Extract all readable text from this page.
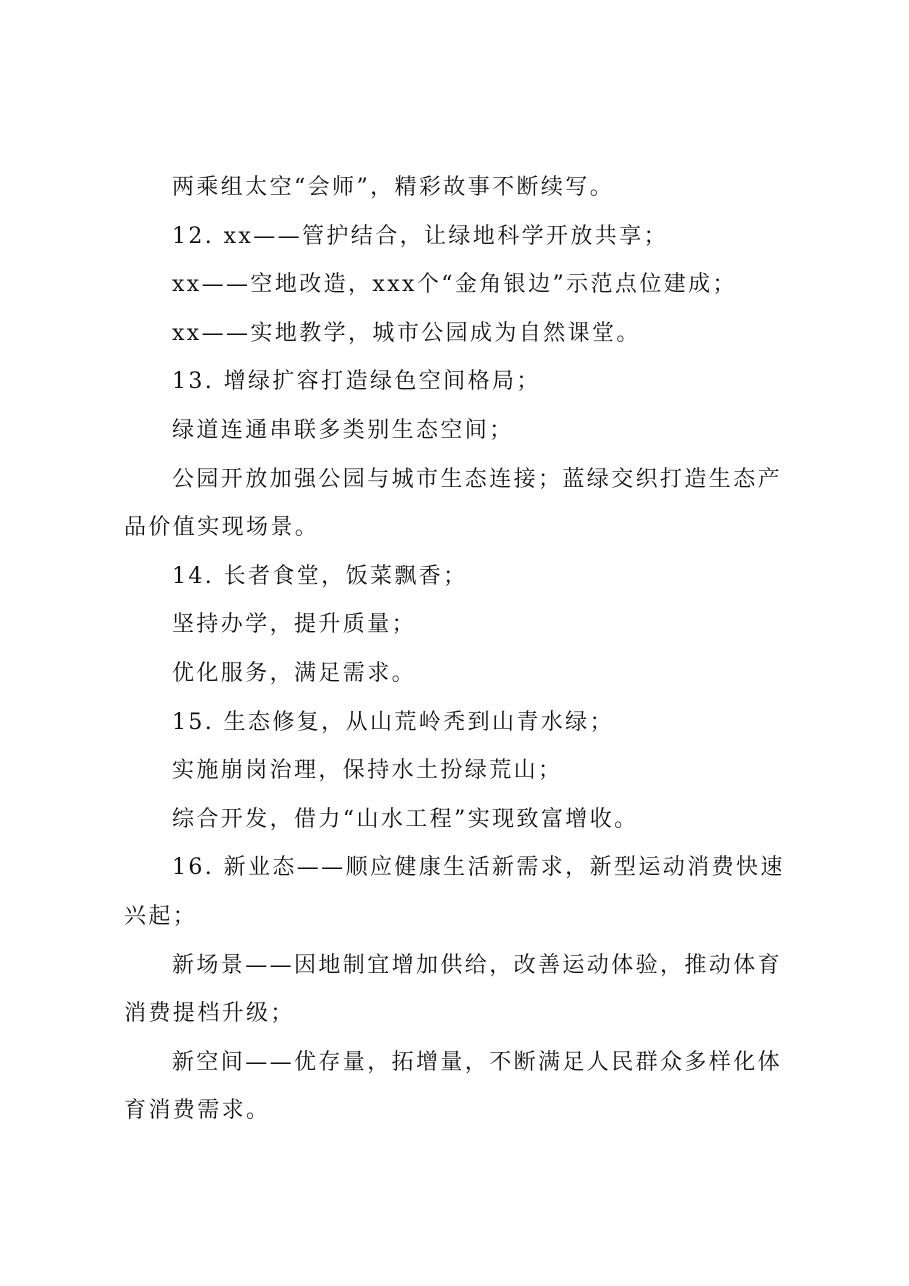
两乘组太空“会师”，精彩故事不断续写。

12. xx——管护结合，让绿地科学开放共享；

xx——空地改造，xxx个“金角银边”示范点位建成；

xx——实地教学，城市公园成为自然课堂。

13. 增绿扩容打造绿色空间格局；

绿道连通串联多类别生态空间；

公园开放加强公园与城市生态连接；蓝绿交织打造生态产品价值实现场景。

14. 长者食堂，饭菜飘香；

坚持办学，提升质量；

优化服务，满足需求。

15. 生态修复，从山荒岭秃到山青水绿；

实施崩岗治理，保持水土扮绿荒山；

综合开发，借力“山水工程”实现致富增收。

16. 新业态——顺应健康生活新需求，新型运动消费快速兴起；

新场景——因地制宜增加供给，改善运动体验，推动体育消费提档升级；

新空间——优存量，拓增量，不断满足人民群众多样化体育消费需求。
